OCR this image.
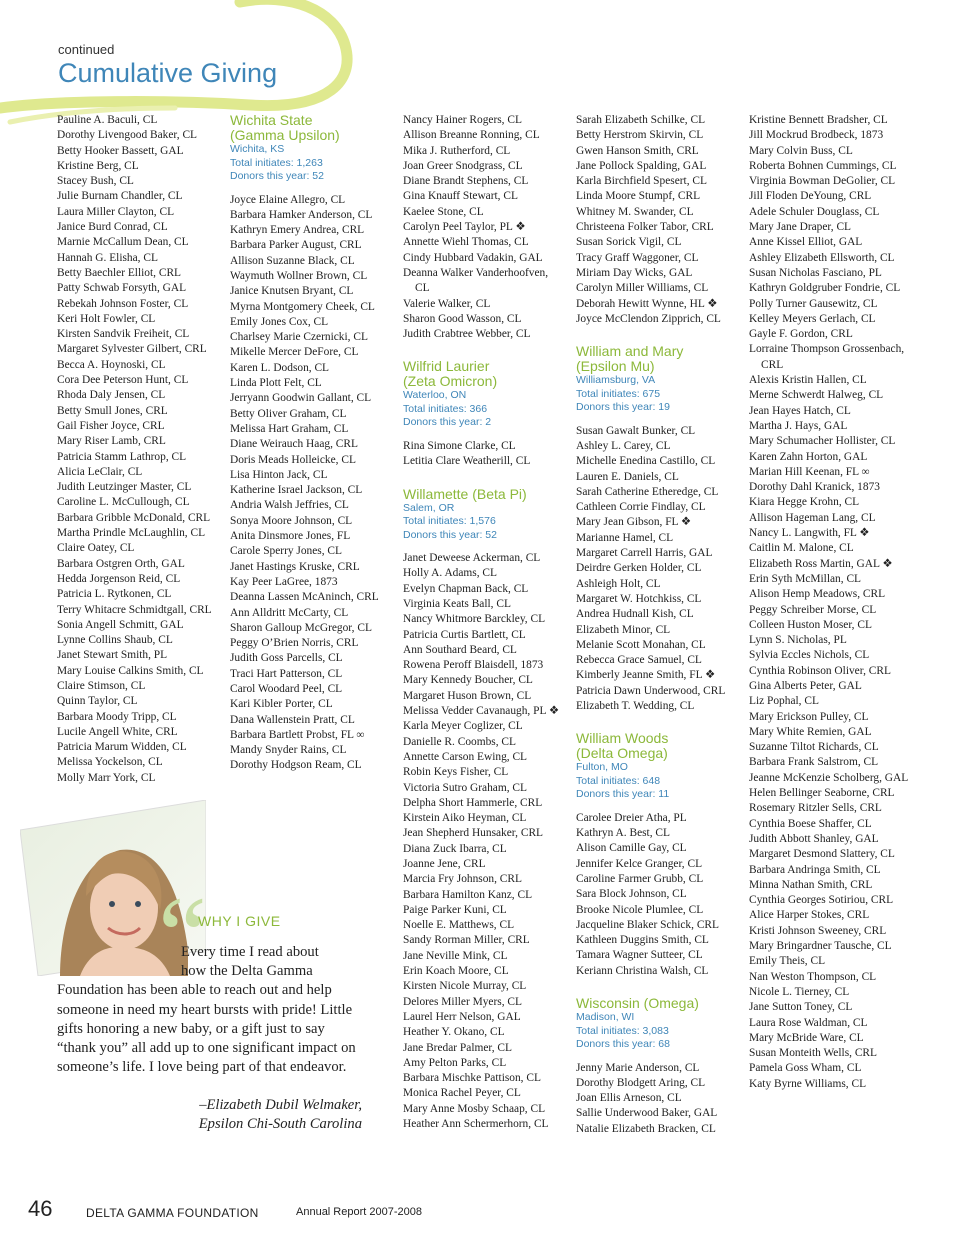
continued
Cumulative Giving
Pauline A. Baculi, CL
Dorothy Livengood Baker, CL
Betty Hooker Bassett, GAL
Kristine Berg, CL
Stacey Bush, CL
Julie Burnam Chandler, CL
Laura Miller Clayton, CL
Janice Burd Conrad, CL
Marnie McCallum Dean, CL
Hannah G. Elisha, CL
Betty Baechler Elliot, CRL
Patty Schwab Forsyth, GAL
Rebekah Johnson Foster, CL
Keri Holt Fowler, CL
Kirsten Sandvik Freiheit, CL
Margaret Sylvester Gilbert, CRL
Becca A. Hoynoski, CL
Cora Dee Peterson Hunt, CL
Rhoda Daly Jensen, CL
Betty Smull Jones, CRL
Gail Fisher Joyce, CRL
Mary Riser Lamb, CRL
Patricia Stamm Lathrop, CL
Alicia LeClair, CL
Judith Leutzinger Master, CL
Caroline L. McCullough, CL
Barbara Gribble McDonald, CRL
Martha Prindle McLaughlin, CL
Claire Oatey, CL
Barbara Ostgren Orth, GAL
Hedda Jorgenson Reid, CL
Patricia L. Rytkonen, CL
Terry Whitacre Schmidtgall, CRL
Sonia Angell Schmitt, GAL
Lynne Collins Shaub, CL
Janet Stewart Smith, PL
Mary Louise Calkins Smith, CL
Claire Stimson, CL
Quinn Taylor, CL
Barbara Moody Tripp, CL
Lucile Angell White, CRL
Patricia Marum Widden, CL
Melissa Yockelson, CL
Molly Marr York, CL
Wichita State
(Gamma Upsilon)
Wichita, KS
Total initiates: 1,263
Donors this year: 52
Joyce Elaine Allegro, CL
Barbara Hamker Anderson, CL
Kathryn Emery Andrea, CRL
Barbara Parker August, CRL
Allison Suzanne Black, CL
Waymuth Wollner Brown, CL
Janice Knutsen Bryant, CL
Myrna Montgomery Cheek, CL
Emily Jones Cox, CL
Charlsey Marie Czernicki, CL
Mikelle Mercer DeFore, CL
Karen L. Dodson, CL
Linda Plott Felt, CL
Jerryann Goodwin Gallant, CL
Betty Oliver Graham, CL
Melissa Hart Graham, CL
Diane Weirauch Haag, CRL
Doris Meads Holleicke, CL
Lisa Hinton Jack, CL
Katherine Israel Jackson, CL
Andria Walsh Jeffries, CL
Sonya Moore Johnson, CL
Anita Dinsmore Jones, FL
Carole Sperry Jones, CL
Janet Hastings Kruske, CRL
Kay Peer LaGree, 1873
Deanna Lassen McAninch, CRL
Ann Alldritt McCarty, CL
Sharon Galloup McGregor, CL
Peggy O’Brien Norris, CRL
Judith Goss Parcells, CL
Traci Hart Patterson, CL
Carol Woodard Peel, CL
Kari Kibler Porter, CL
Dana Wallenstein Pratt, CL
Barbara Bartlett Probst, FL ∞
Mandy Snyder Rains, CL
Dorothy Hodgson Ream, CL
Nancy Hainer Rogers, CL
Allison Breanne Ronning, CL
Mika J. Rutherford, CL
Joan Greer Snodgrass, CL
Diane Brandt Stephens, CL
Gina Knauff Stewart, CL
Kaelee Stone, CL
Carolyn Peel Taylor, PL ❖
Annette Wiehl Thomas, CL
Cindy Hubbard Vadakin, GAL
Deanna Walker Vanderhoofven,
CL
Valerie Walker, CL
Sharon Good Wasson, CL
Judith Crabtree Webber, CL
Wilfrid Laurier
(Zeta Omicron)
Waterloo, ON
Total initiates: 366
Donors this year: 2
Rina Simone Clarke, CL
Letitia Clare Weatherill, CL
Willamette (Beta Pi)
Salem, OR
Total initiates: 1,576
Donors this year: 52
Janet Deweese Ackerman, CL
Holly A. Adams, CL
Evelyn Chapman Back, CL
Virginia Keats Ball, CL
Nancy Whitmore Barckley, CL
Patricia Curtis Bartlett, CL
Ann Southard Beard, CL
Rowena Peroff Blaisdell, 1873
Mary Kennedy Boucher, CL
Margaret Huson Brown, CL
Melissa Vedder Cavanaugh, PL ❖
Karla Meyer Coglizer, CL
Danielle R. Coombs, CL
Annette Carson Ewing, CL
Robin Keys Fisher, CL
Victoria Sutro Graham, CL
Delpha Short Hammerle, CRL
Kirstein Aiko Heyman, CL
Jean Shepherd Hunsaker, CRL
Diana Zuck Ibarra, CL
Joanne Jene, CRL
Marcia Fry Johnson, CRL
Barbara Hamilton Kanz, CL
Paige Parker Kuni, CL
Noelle E. Matthews, CL
Sandy Rorman Miller, CRL
Jane Neville Mink, CL
Erin Koach Moore, CL
Kirsten Nicole Murray, CL
Delores Miller Myers, CL
Laurel Herr Nelson, GAL
Heather Y. Okano, CL
Jane Bredar Palmer, CL
Amy Pelton Parks, CL
Barbara Mischke Pattison, CL
Monica Rachel Peyer, CL
Mary Anne Mosby Schaap, CL
Heather Ann Schermerhorn, CL
Sarah Elizabeth Schilke, CL
Betty Herstrom Skirvin, CL
Gwen Hanson Smith, CRL
Jane Pollock Spalding, GAL
Karla Birchfield Spesert, CL
Linda Moore Stumpf, CRL
Whitney M. Swander, CL
Christeena Folker Tabor, CRL
Susan Sorick Vigil, CL
Tracy Graff Waggoner, CL
Miriam Day Wicks, GAL
Carolyn Miller Williams, CL
Deborah Hewitt Wynne, HL ❖
Joyce McClendon Zipprich, CL
William and Mary
(Epsilon Mu)
Williamsburg, VA
Total initiates: 675
Donors this year: 19
Susan Gawalt Bunker, CL
Ashley L. Carey, CL
Michelle Enedina Castillo, CL
Lauren E. Daniels, CL
Sarah Catherine Etheredge, CL
Cathleen Corrie Findlay, CL
Mary Jean Gibson, FL ❖
Marianne Hamel, CL
Margaret Carrell Harris, GAL
Deirdre Gerken Holder, CL
Ashleigh Holt, CL
Margaret W. Hotchkiss, CL
Andrea Hudnall Kish, CL
Elizabeth Minor, CL
Melanie Scott Monahan, CL
Rebecca Grace Samuel, CL
Kimberly Jeanne Smith, FL ❖
Patricia Dawn Underwood, CRL
Elizabeth T. Wedding, CL
William Woods
(Delta Omega)
Fulton, MO
Total initiates: 648
Donors this year: 11
Carolee Dreier Atha, PL
Kathryn A. Best, CL
Alison Camille Gay, CL
Jennifer Kelce Granger, CL
Caroline Farmer Grubb, CL
Sara Block Johnson, CL
Brooke Nicole Plumlee, CL
Jacqueline Blaker Schick, CRL
Kathleen Duggins Smith, CL
Tamara Wagner Sutteer, CL
Keriann Christina Walsh, CL
Wisconsin (Omega)
Madison, WI
Total initiates: 3,083
Donors this year: 68
Jenny Marie Anderson, CL
Dorothy Blodgett Aring, CL
Joan Ellis Arneson, CL
Sallie Underwood Baker, GAL
Natalie Elizabeth Bracken, CL
Kristine Bennett Bradsher, CL
Jill Mockrud Brodbeck, 1873
Mary Colvin Buss, CL
Roberta Bohnen Cummings, CL
Virginia Bowman DeGolier, CL
Jill Floden DeYoung, CRL
Adele Schuler Douglass, CL
Mary Jane Draper, CL
Anne Kissel Elliot, GAL
Ashley Elizabeth Ellsworth, CL
Susan Nicholas Fasciano, PL
Kathryn Goldgruber Fondrie, CL
Polly Turner Gausewitz, CL
Kelley Meyers Gerlach, CL
Gayle F. Gordon, CRL
Lorraine Thompson Grossenbach,
CRL
Alexis Kristin Hallen, CL
Merne Schwerdt Halweg, CL
Jean Hayes Hatch, CL
Martha J. Hays, GAL
Mary Schumacher Hollister, CL
Karen Zahn Horton, GAL
Marian Hill Keenan, FL ∞
Dorothy Dahl Kranick, 1873
Kiara Hegge Krohn, CL
Allison Hageman Lang, CL
Nancy L. Langwith, FL ❖
Caitlin M. Malone, CL
Elizabeth Ross Martin, GAL ❖
Erin Syth McMillan, CL
Alison Hemp Meadows, CRL
Peggy Schreiber Morse, CL
Colleen Huston Moser, CL
Lynn S. Nicholas, PL
Sylvia Eccles Nichols, CL
Cynthia Robinson Oliver, CRL
Gina Alberts Peter, GAL
Liz Pophal, CL
Mary Erickson Pulley, CL
Mary White Remien, GAL
Suzanne Tiltot Richards, CL
Barbara Frank Salstrom, CL
Jeanne McKenzie Scholberg, GAL
Helen Bellinger Seaborne, CRL
Rosemary Ritzler Sells, CRL
Cynthia Boese Shaffer, CL
Judith Abbott Shanley, GAL
Margaret Desmond Slattery, CL
Barbara Andringa Smith, CL
Minna Nathan Smith, CRL
Cynthia Georges Sotiriou, CRL
Alice Harper Stokes, CRL
Kristi Johnson Sweeney, CRL
Mary Bringardner Tausche, CL
Emily Theis, CL
Nan Weston Thompson, CL
Nicole L. Tierney, CL
Jane Sutton Toney, CL
Laura Rose Waldman, CL
Mary McBride Ware, CL
Susan Monteith Wells, CRL
Pamela Goss Wham, CL
Katy Byrne Williams, CL
“
WHY I GIVE
Every time I read about
how the Delta Gamma
Foundation has been able to reach out and help someone in need my heart bursts with pride! Little gifts honoring a new baby, or a gift just to say “thank you” all add up to one significant impact on someone’s life. I love being part of that endeavor.
–Elizabeth Dubil Welmaker,
Epsilon Chi-South Carolina
46	DELTA GAMMA FOUNDATION	Annual Report 2007-2008
